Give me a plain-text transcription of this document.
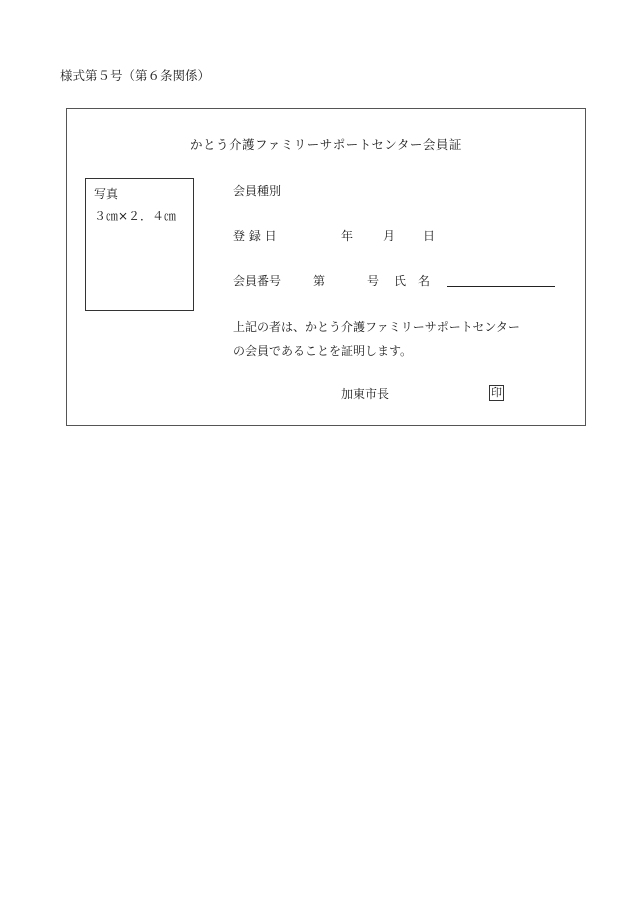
様式第５号（第６条関係）
かとう介護ファミリーサポートセンター会員証
写真
３㎝×２．４㎝
会員種別
登 録 日	年 月 日
会員番号	第	号 氏　名
上記の者は、かとう介護ファミリーサポートセンター
の会員であることを証明します。
加東市長	印
